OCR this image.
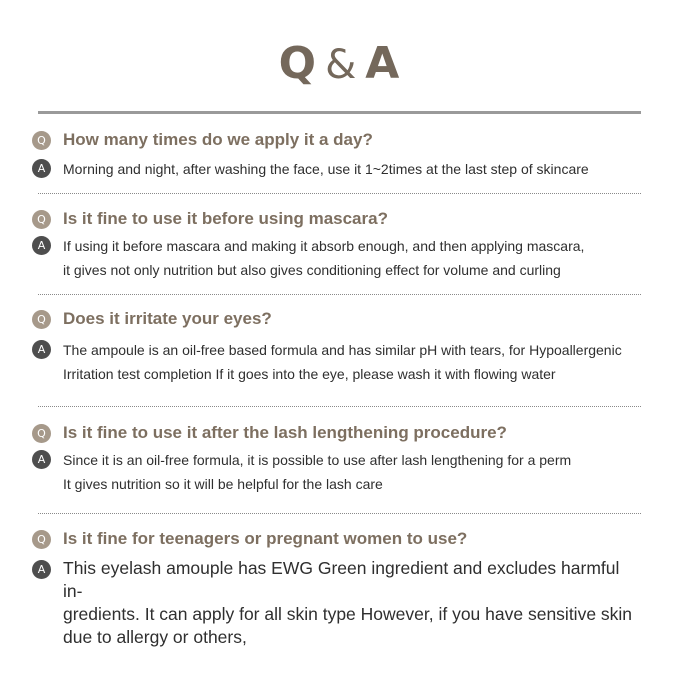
Q & A
Q	How many times do we apply it a day?
A	Morning and night, after washing the face, use it 1~2times at the last step of skincare
Q	Is it fine to use it before using mascara?
A	If using it before mascara and making it absorb enough, and then applying mascara,
it gives not only nutrition but also gives conditioning effect for volume and curling
Q	Does it irritate your eyes?
A	The ampoule is an oil-free based formula and has similar pH with tears, for Hypoallergenic
Irritation test completion If it goes into the eye, please wash it with flowing water
Q	Is it fine to use it after the lash lengthening procedure?
A	Since it is an oil-free formula, it is possible to use after lash lengthening for a perm
It gives nutrition so it will be helpful for the lash care
Q	Is it fine for teenagers or pregnant women to use?
A	This eyelash amouple has EWG Green ingredient and excludes harmful in-
gredients. It can apply for all skin type However, if you have sensitive skin
due to allergy or others,
